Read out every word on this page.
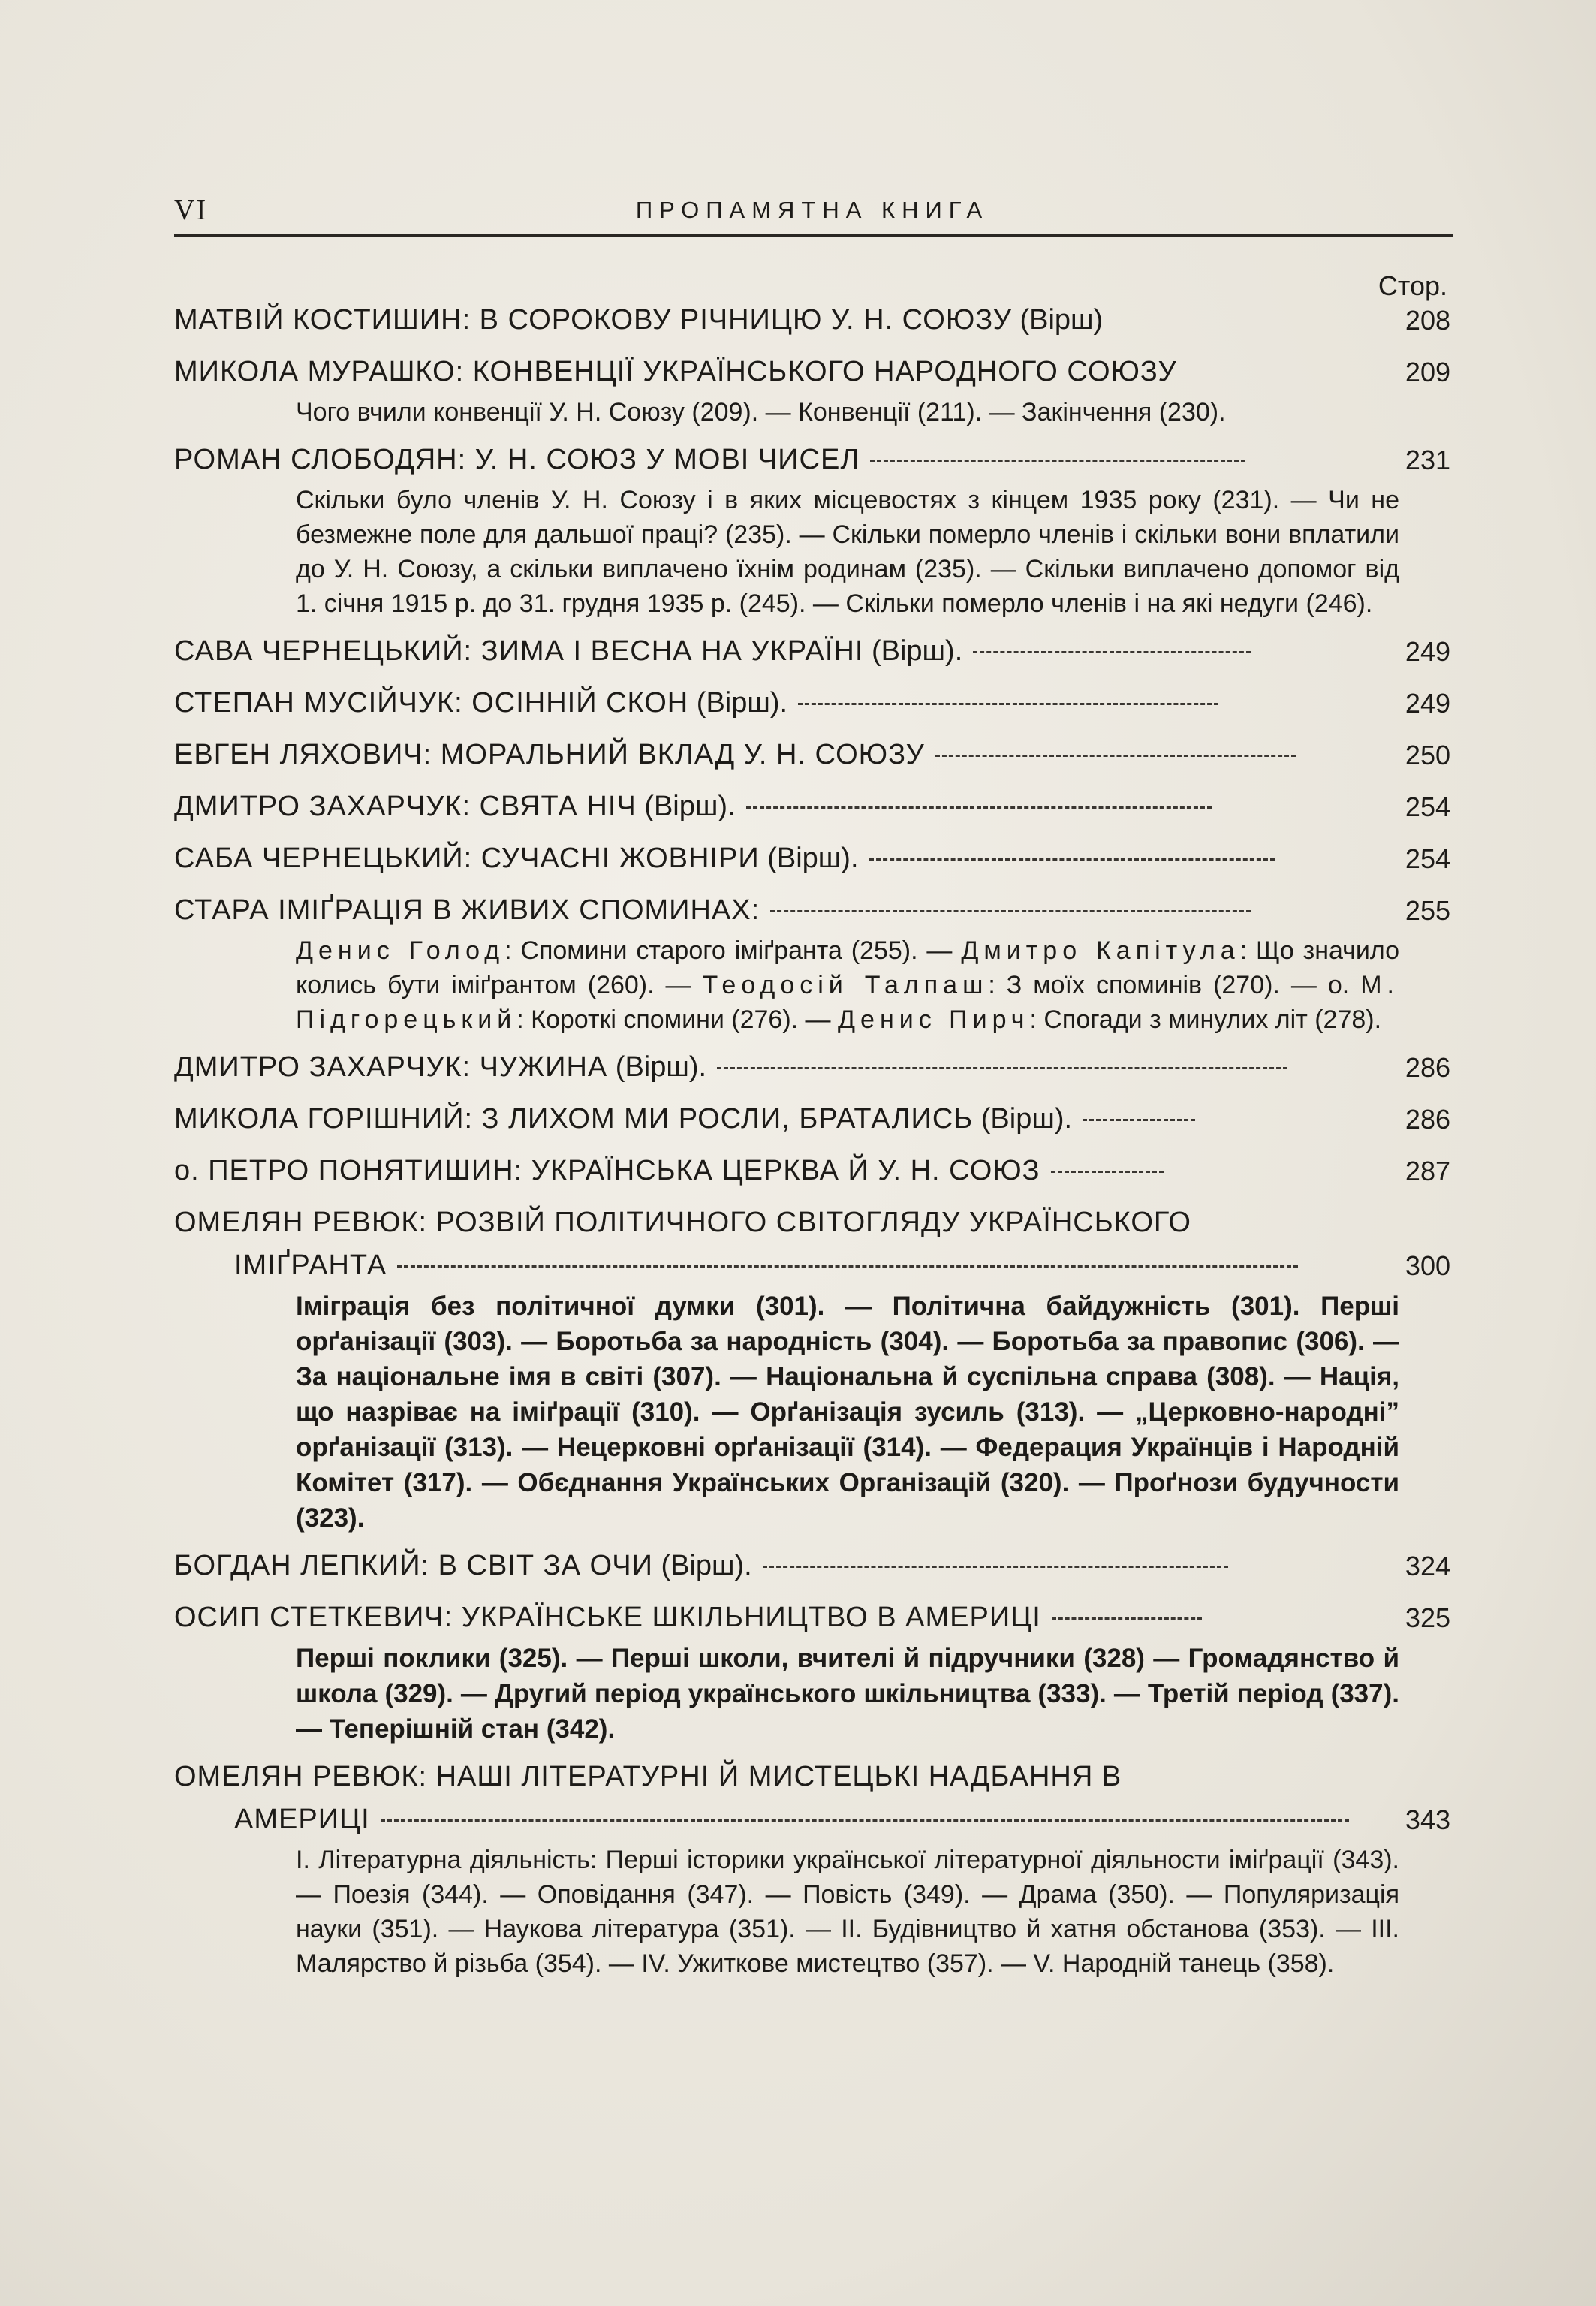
VI	ПРОПАМЯТНА КНИГА
Стор.
МАТВІЙ КОСТИШИН: В СОРОКОВУ РІЧНИЦЮ У. Н. СОЮЗУ (Вірш)	208
МИКОЛА МУРАШКО: КОНВЕНЦІЇ УКРАЇНСЬКОГО НАРОДНОГО СОЮЗУ	209
Чого вчили конвенції У. Н. Союзу (209). — Конвенції (211). — Закінчення (230).
РОМАН СЛОБОДЯН: У. Н. СОЮЗ У МОВІ ЧИСЕЛ	231
Скільки було членів У. Н. Союзу і в яких місцевостях з кінцем 1935 року (231). — Чи не безмежне поле для дальшої праці? (235). — Скільки померло членів і скільки вони вплатили до У. Н. Союзу, а скільки виплачено їхнім родинам (235). — Скільки виплачено допомог від 1. січня 1915 р. до 31. грудня 1935 р. (245). — Скільки померло членів і на які недуги (246).
САВА ЧЕРНЕЦЬКИЙ: ЗИМА І ВЕСНА НА УКРАЇНІ (Вірш).	249
СТЕПАН МУСІЙЧУК: ОСІННІЙ СКОН (Вірш).	249
ЕВГЕН ЛЯХОВИЧ: МОРАЛЬНИЙ ВКЛАД У. Н. СОЮЗУ	250
ДМИТРО ЗАХАРЧУК: СВЯТА НІЧ (Вірш).	254
САБА ЧЕРНЕЦЬКИЙ: СУЧАСНІ ЖОВНІРИ (Вірш).	254
СТАРА ІМІҐРАЦІЯ В ЖИВИХ СПОМИНАХ:	255
Денис Голод: Спомини старого іміґранта (255). — Дмитро Капітула: Що значило колись бути іміґрантом (260). — Теодосій Талпаш: З моїх споминів (270). — о. М. Підгорецький: Короткі спомини (276). — Денис Пирч: Спогади з минулих літ (278).
ДМИТРО ЗАХАРЧУК: ЧУЖИНА (Вірш).	286
МИКОЛА ГОРІШНИЙ: З ЛИХОМ МИ РОСЛИ, БРАТАЛИСЬ (Вірш).	286
о. ПЕТРО ПОНЯТИШИН: УКРАЇНСЬКА ЦЕРКВА Й У. Н. СОЮЗ	287
ОМЕЛЯН РЕВЮК: РОЗВІЙ ПОЛІТИЧНОГО СВІТОГЛЯДУ УКРАЇНСЬКОГО
ІМІҐРАНТА	300
Іміграція без політичної думки (301). — Політична байдужність (301). Перші орґанізації (303). — Боротьба за народність (304). — Боротьба за правопис (306). — За національне імя в світі (307). — Національна й суспільна справа (308). — Нація, що назріває на іміґрації (310). — Орґанізація зусиль (313). — „Церковно-народні” орґанізації (313). — Нецерковні орґанізації (314). — Федерация Українців і Народній Комітет (317). — Обєднання Українських Організацій (320). — Проґнози будучности (323).
БОГДАН ЛЕПКИЙ: В СВІТ ЗА ОЧИ (Вірш).	324
ОСИП СТЕТКЕВИЧ: УКРАЇНСЬКЕ ШКІЛЬНИЦТВО В АМЕРИЦІ	325
Перші поклики (325). — Перші школи, вчителі й підручники (328) — Громадянство й школа (329). — Другий період українського шкільництва (333). — Третій період (337). — Теперішній стан (342).
ОМЕЛЯН РЕВЮК: НАШІ ЛІТЕРАТУРНІ Й МИСТЕЦЬКІ НАДБАННЯ В
АМЕРИЦІ	343
I. Літературна діяльність: Перші історики української літературної діяльности іміґрації (343). — Поезія (344). — Оповідання (347). — Повість (349). — Драма (350). — Популяризація науки (351). — Наукова література (351). — II. Будівництво й хатня обстанова (353). — III. Малярство й різьба (354). — IV. Ужиткове мистецтво (357). — V. Народній танець (358).
